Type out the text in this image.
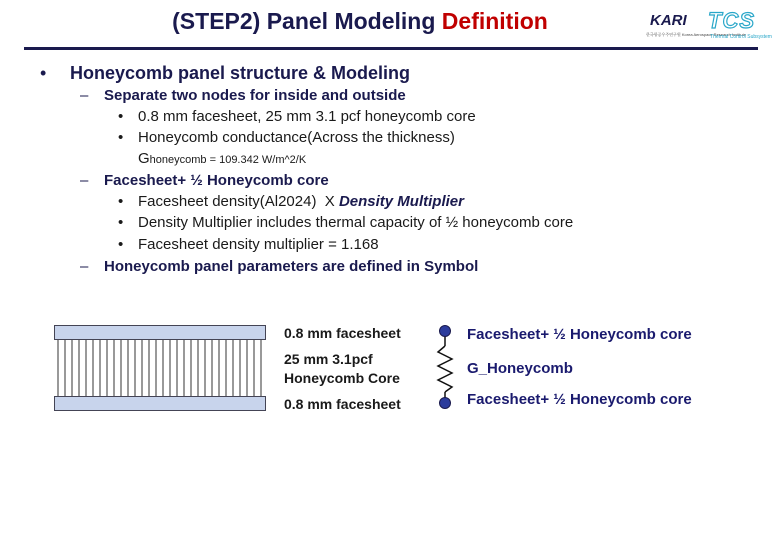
(STEP2) Panel Modeling Definition	KARI
한국항공우주연구원 Korea Aerospace Research Institute
TCS
Thermal Control Subsystem
• Honeycomb panel structure & Modeling
– Separate two nodes for inside and outside
• 0.8 mm facesheet, 25 mm 3.1 pcf honeycomb core
• Honeycomb conductance(Across the thickness)
Ghoneycomb = 109.342 W/m^2/K
– Facesheet+ ½ Honeycomb core
• Facesheet density(Al2024)  X Density Multiplier
• Density Multiplier includes thermal capacity of ½ honeycomb core
• Facesheet density multiplier = 1.168
– Honeycomb panel parameters are defined in Symbol
0.8 mm facesheet
25 mm 3.1pcf
Honeycomb Core
0.8 mm facesheet
Facesheet+ ½ Honeycomb core
G_Honeycomb
Facesheet+ ½ Honeycomb core
